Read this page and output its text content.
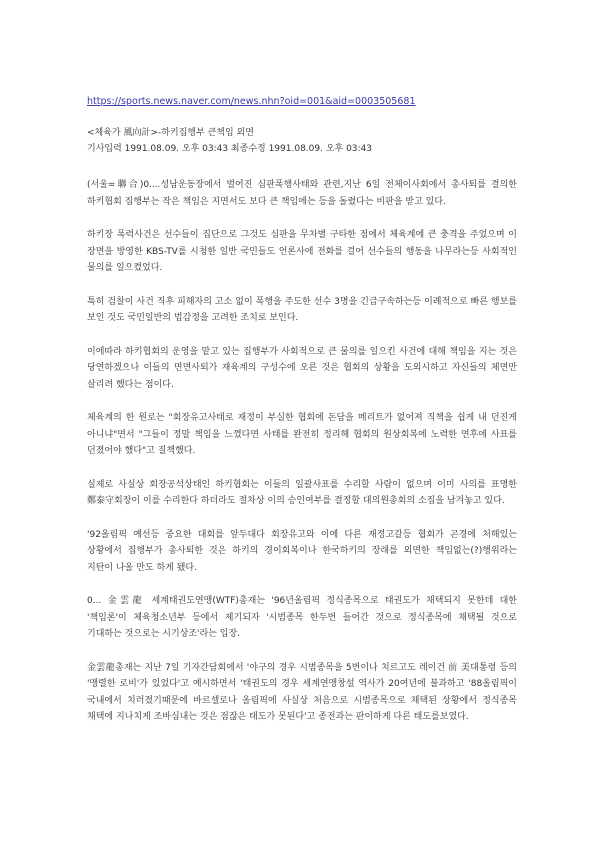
https://sports.news.naver.com/news.nhn?oid=001&aid=0003505681
<체육가 風向計>-하키집행부 큰책임 외면
기사입력 1991.08.09. 오후 03:43 최종수정 1991.08.09. 오후 03:43

(서울=聯合)0....성남운동장에서 벌어진 심판폭행사태와 관련,지난 6일 전체이사회에서 총사퇴를 결의한 하키협회 집행부는 작은 책임은 지면서도 보다 큰 책임에는 등을 돌렸다는 비판을 받고 있다.

하키장 폭력사건은 선수들이 집단으로 그것도 심판을 무차별 구타한 점에서 체육계에 큰 충격을 주었으며 이 장면을 방영한 KBS-TV를 시청한 일반 국민들도 언론사에 전화를 걸어 선수들의 행동을 나무라는등 사회적인 물의를 일으켰었다.

특히 검찰이 사건 직후 피해자의 고소 없이 폭행을 주도한 선수 3명을 긴급구속하는등 이례적으로 빠른 행보를 보인 것도 국민일반의 법감정을 고려한 조치로 보인다.

이에따라 하키협회의 운영을 맡고 있는 집행부가 사회적으로 큰 물의를 일으킨 사건에 대해 책임을 지는 것은 당연하겠으나 이들의 면면사퇴가 재육계의 구성수에 오른 것은 협회의 상황을 도외시하고 자신들의 체면만 살리려 했다는 점이다.

체육계의 한 원로는 "회장유고사태로 재정이 부실한 협회에 돈담을 메리트가 없어져 직책을 쉽게 내 던진게 아니냐"면서 "그들이 정말 책임을 느꼈다면 사태를 완전히 정리해 협회의 원상회복에 노력한 연후에 사표를 던졌어야 했다"고 질책했다.

실제로 사실상 회장공석상태인 하키협회는 이들의 일괄사표를 수리할 사람이 없으며 이미 사의를 표명한 鄭泰守회장이 이를 수리한다 하더라도 절차상 이의 승인여부를 결정할 대의원총회의 소집을 남겨놓고 있다.

'92올림픽 예선등 중요한 대회를 앞두대다 회장유고와 이에 다른 재정고갈등 협회가 곤경에 처해있는 상황에서 집행부가 총사퇴한 것은 하키의 경이회복이나 한국하키의 장래를 외면한 책임없는(?)행위라는 지탄이 나올 만도 하게 됐다.

0... 金雲龍 세계태권도연맹(WTF)총재는 '96년올림픽 정식종목으로 태권도가 채택되지 못한데 대한 '책임론'이 체육청소년부 등에서 제기되자 '시범종목 한두번 들어간 것으로 정식종목에 채택될 것으로 기대하는 것으로는 시기상조'라는 입장.

金雲龍총재는 지난 7일 기자간담회에서 '야구의 경우 시범종목을 5번이나 치르고도 레이건 前 美대통령 등의 '맹렬한 로비'가 있었다'고 예시하면서 '태권도의 경우 세계연맹창설 역사가 20여년에 불과하고 '88올림픽이 국내에서 치러졌기때문에 바르셀로나 올림픽에 사실상 처음으로 시범종목으로 채택된 상황에서 정식종목 채택에 지나치게 조바심내는 것은 점잖은 태도가 못된다'고 종전과는 판이하게 다른 태도를보였다.
